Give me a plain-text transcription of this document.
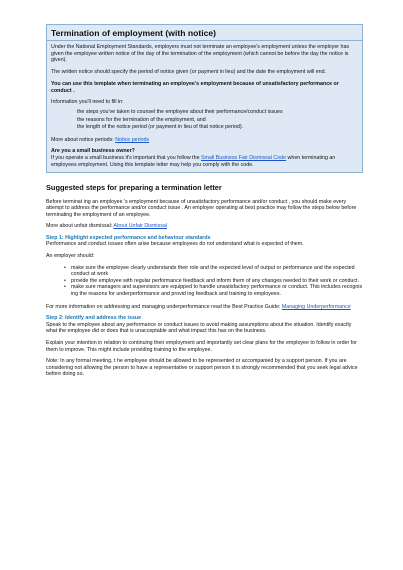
Termination of employment (with notice)

Under the National Employment Standards, employers must not terminate an employee's employment unless the employer has given the employee written notice of the day of the termination of the employment (which cannot be before the day the notice is given).

The written notice should specify the period of notice given (or payment in lieu) and the date the employment will end.

You can use this template when terminating an employee's employment because of unsatisfactory performance or conduct .

Information you'll need to fill in:

the steps you've taken to counsel the employee about their performance/conduct issues
the reasons for the termination of the employment, and
the length of the notice period (or payment in lieu of that notice period).

More about notice periods: Notice periods

Are you a small business owner?
If you operate a small business it's important that you follow the Small Business Fair Dismissal Code when terminating an employees employment. Using this template letter may help you comply with the code.

Suggested steps for preparing a termination letter

Before terminat ing an employee 's employment because of unsatisfactory performance and/or conduct , you should make every attempt to address the performance and/or conduct issue . An employer operating at best practice may follow the steps below before terminating the employment of an employee.

More about unfair dismissal: About Unfair Dismissal

Step 1: Highlight expected performance and behaviour standards

Performance and conduct issues often arise because employees do not understand what is expected of them.

An employer should:

• make sure the employee clearly understands their role and the expected level of output or performance and the expected conduct at work
• provide the employee with regular performance feedback and inform them of any changes needed to their work or conduct.
• make sure managers and supervisors are equipped to handle unsatisfactory performance or conduct. This includes recognis ing the reasons for underperformance and provid ing feedback and training to employees.

For more information on addressing and managing underperformance read the Best Practice Guide: Managing Underperformance

Step 2: Identify and address the issue

Speak to the employee about any performance or conduct issues to avoid making assumptions about the situation. Identify exactly what the employee did or does that is unacceptable and what impact this has on the business.

Explain your intention in relation to continuing their employment and importantly set clear plans for the employee to follow in order for them to improve. This might include providing training to the employee.

Note: In any formal meeting, t he employee should be allowed to be represented or accompanied by a support person. If you are considering not allowing the person to have a representative or support person it is strongly recommended that you seek legal advice before doing so.
